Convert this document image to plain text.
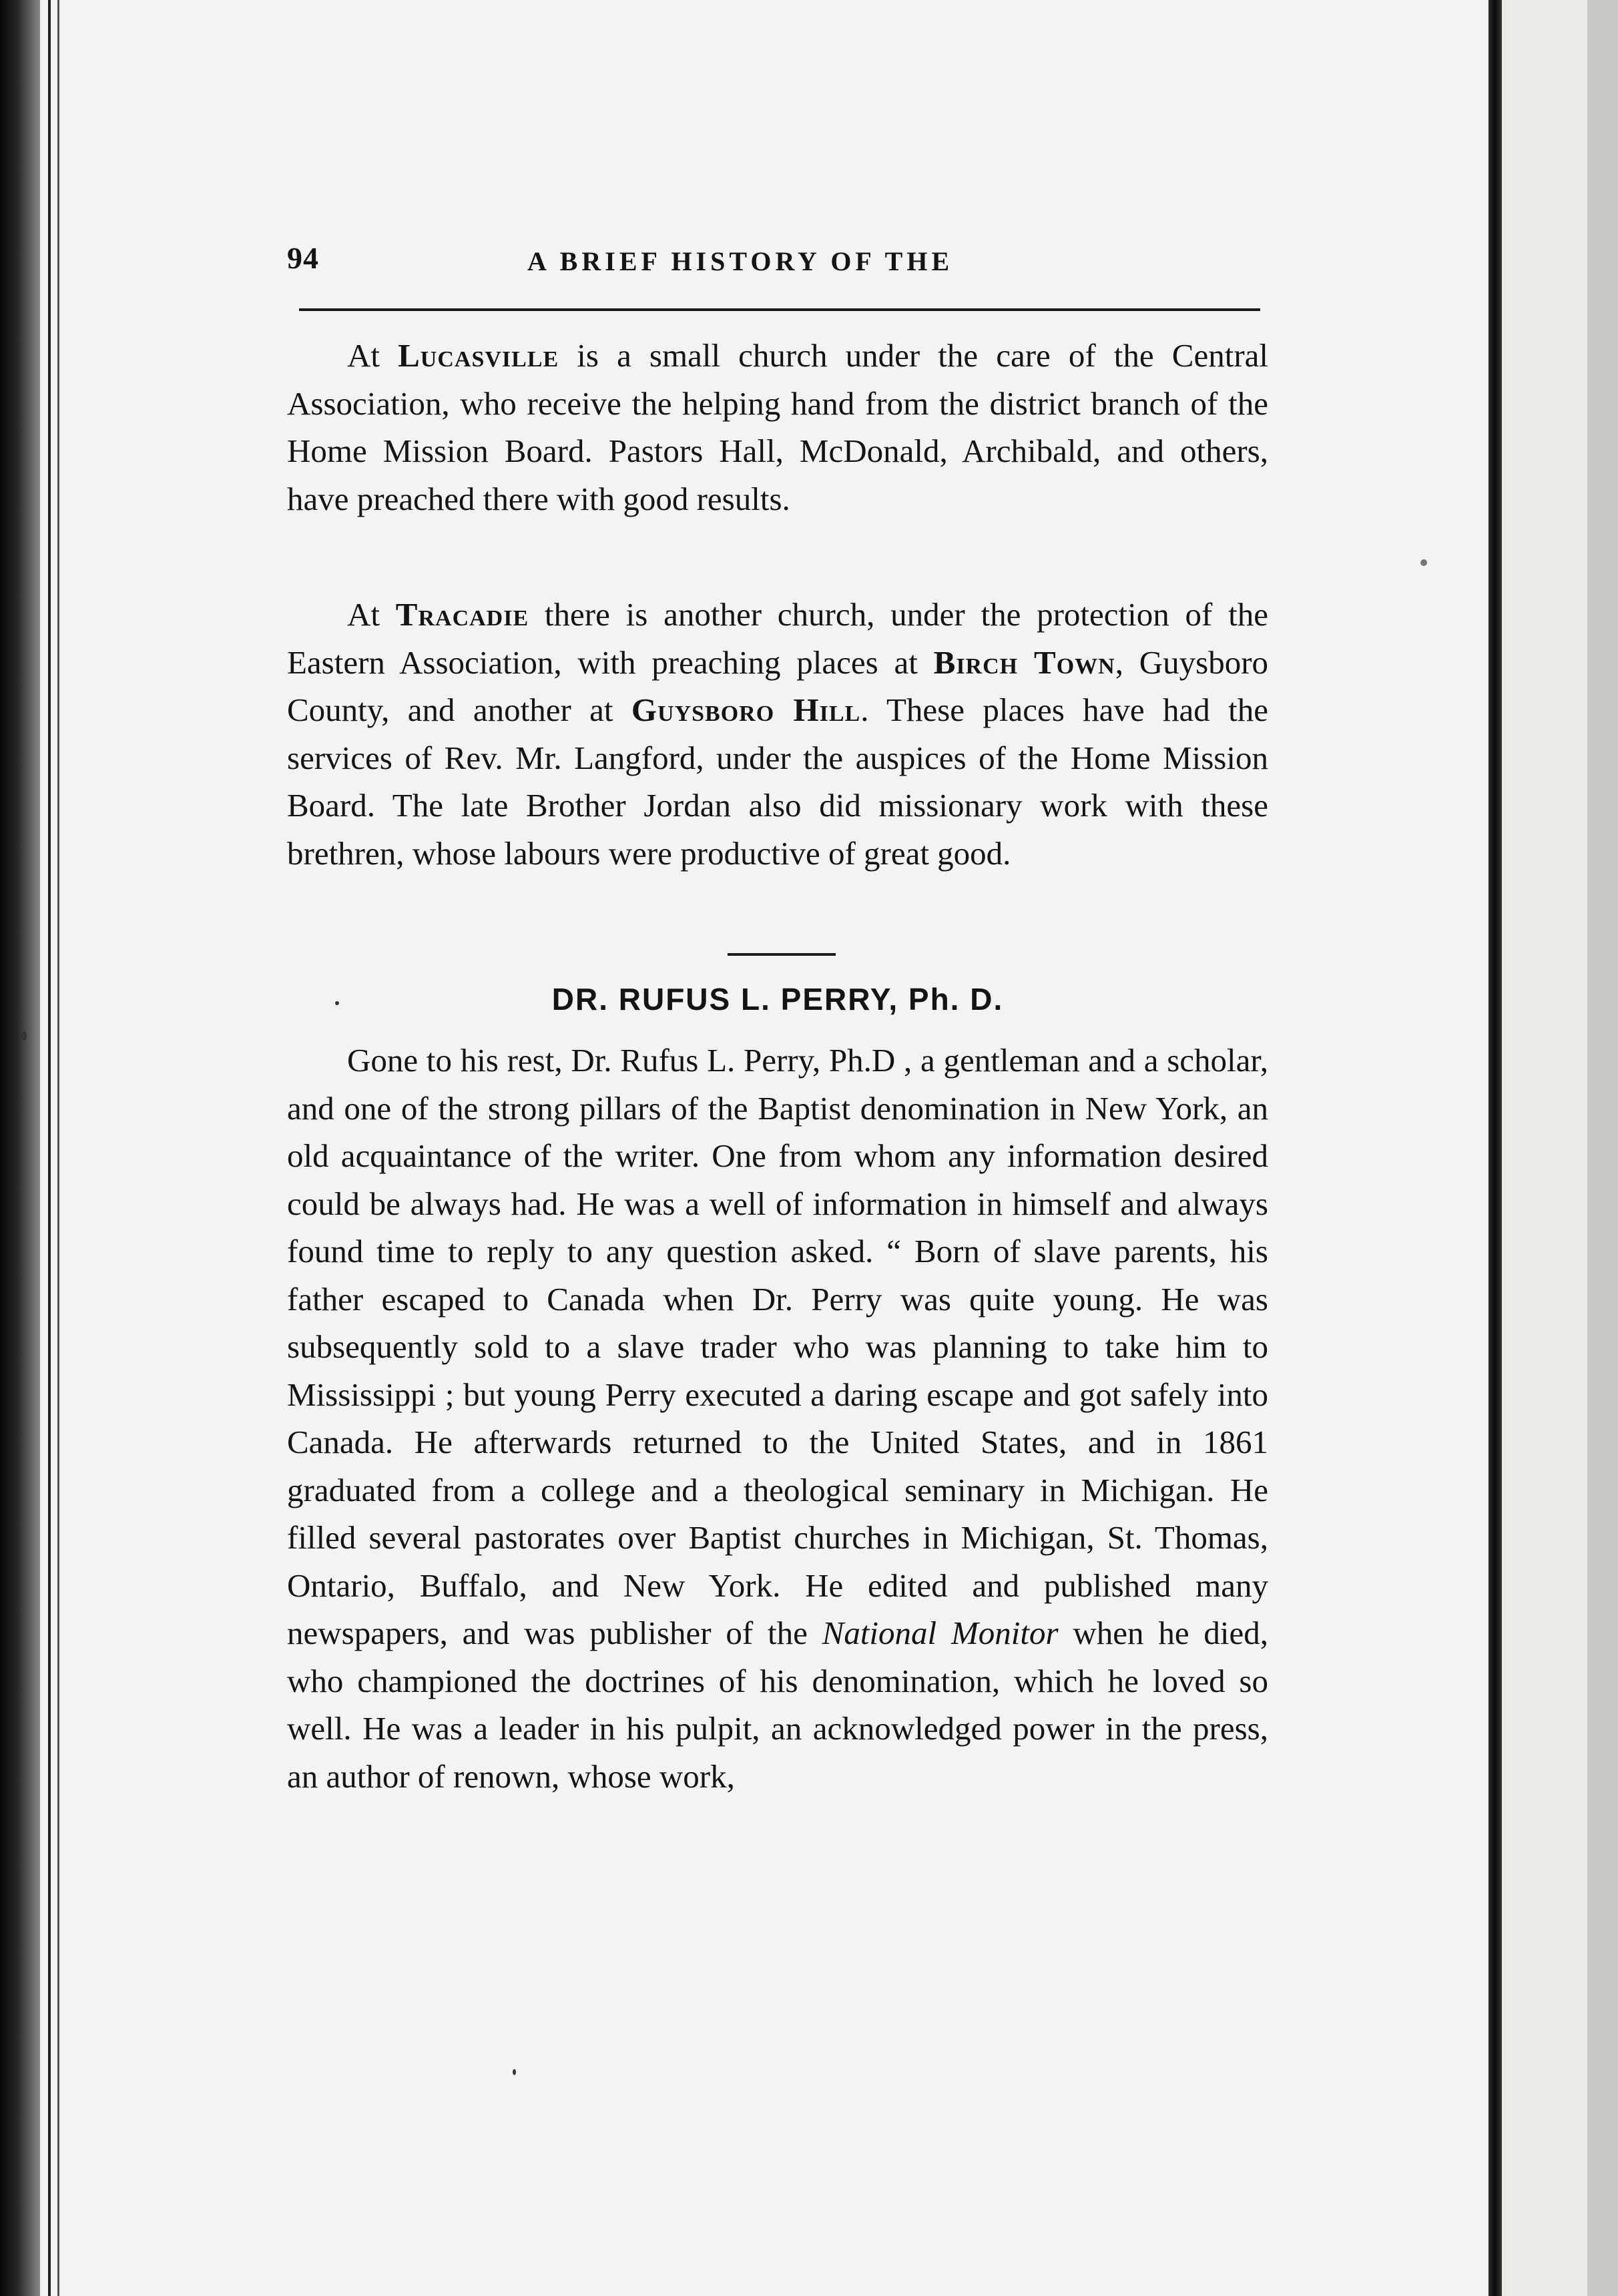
94	A BRIEF HISTORY OF THE

At Lucasville is a small church under the care of the Central Association, who receive the helping hand from the district branch of the Home Mission Board. Pastors Hall, McDonald, Archibald, and others, have preached there with good results.

At Tracadie there is another church, under the protection of the Eastern Association, with preaching places at Birch Town, Guysboro County, and another at Guysboro Hill. These places have had the services of Rev. Mr. Langford, under the auspices of the Home Mission Board. The late Brother Jordan also did missionary work with these brethren, whose labours were productive of great good.

DR. RUFUS L. PERRY, Ph. D.

Gone to his rest, Dr. Rufus L. Perry, Ph.D , a gentleman and a scholar, and one of the strong pillars of the Baptist denomination in New York, an old acquaintance of the writer. One from whom any information desired could be always had. He was a well of information in himself and always found time to reply to any question asked. “ Born of slave parents, his father escaped to Canada when Dr. Perry was quite young. He was subsequently sold to a slave trader who was planning to take him to Mississippi ; but young Perry executed a daring escape and got safely into Canada. He afterwards returned to the United States, and in 1861 graduated from a college and a theological seminary in Michigan. He filled several pastorates over Baptist churches in Michigan, St. Thomas, Ontario, Buffalo, and New York. He edited and published many newspapers, and was publisher of the National Monitor when he died, who championed the doctrines of his denomination, which he loved so well. He was a leader in his pulpit, an acknowledged power in the press, an author of renown, whose work,
